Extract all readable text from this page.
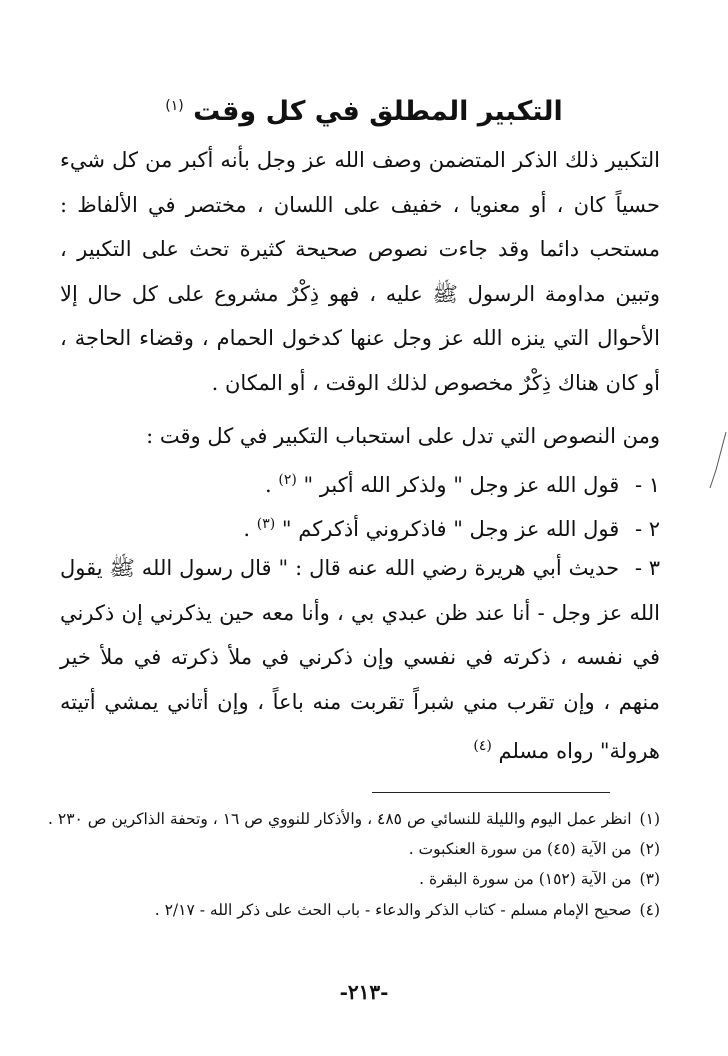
التكبير المطلق في كل وقت $^{(١)}$

التكبير ذلك الذكر المتضمن وصف الله عز وجل بأنه أكبر من كل شيء حسياً كان ، أو معنويا ، خفيف على اللسان ، مختصر في الألفاظ : مستحب دائما وقد جاءت نصوص صحيحة كثيرة تحث على التكبير ، وتبين مداومة الرسول ﷺ عليه ، فهو ذِكْرٌ مشروع على كل حال إلا الأحوال التي ينزه الله عز وجل عنها كدخول الحمام ، وقضاء الحاجة ، أو كان هناك ذِكْرٌ مخصوص لذلك الوقت ، أو المكان .

ومن النصوص التي تدل على استحباب التكبير في كل وقت :

١ - قول الله عز وجل " ولذكر الله أكبر " $^{(٢)}$ .

٢ - قول الله عز وجل " فاذكروني أذكركم " $^{(٣)}$ .

٣ - حديث أبي هريرة رضي الله عنه قال : " قال رسول الله ﷺ يقول الله عز وجل - أنا عند ظن عبدي بي ، وأنا معه حين يذكرني إن ذكرني في نفسه ، ذكرته في نفسي وإن ذكرني في ملأ ذكرته في ملأ خير منهم ، وإن تقرب مني شبراً تقربت منه باعاً ، وإن أتاني يمشي أتيته هرولة" رواه مسلم $^{(٤)}$

(١)انظر عمل اليوم والليلة للنسائي ص ٤٨٥ ، والأذكار للنووي ص ١٦ ، وتحفة الذاكرين ص ٢٣٠ .

(٢)من الآية (٤٥) من سورة العنكبوت .

(٣)من الآية (١٥٢) من سورة البقرة .

(٤)صحيح الإمام مسلم - كتاب الذكر والدعاء - باب الحث على ذكر الله - ٢/١٧ .

-٢١٣-
